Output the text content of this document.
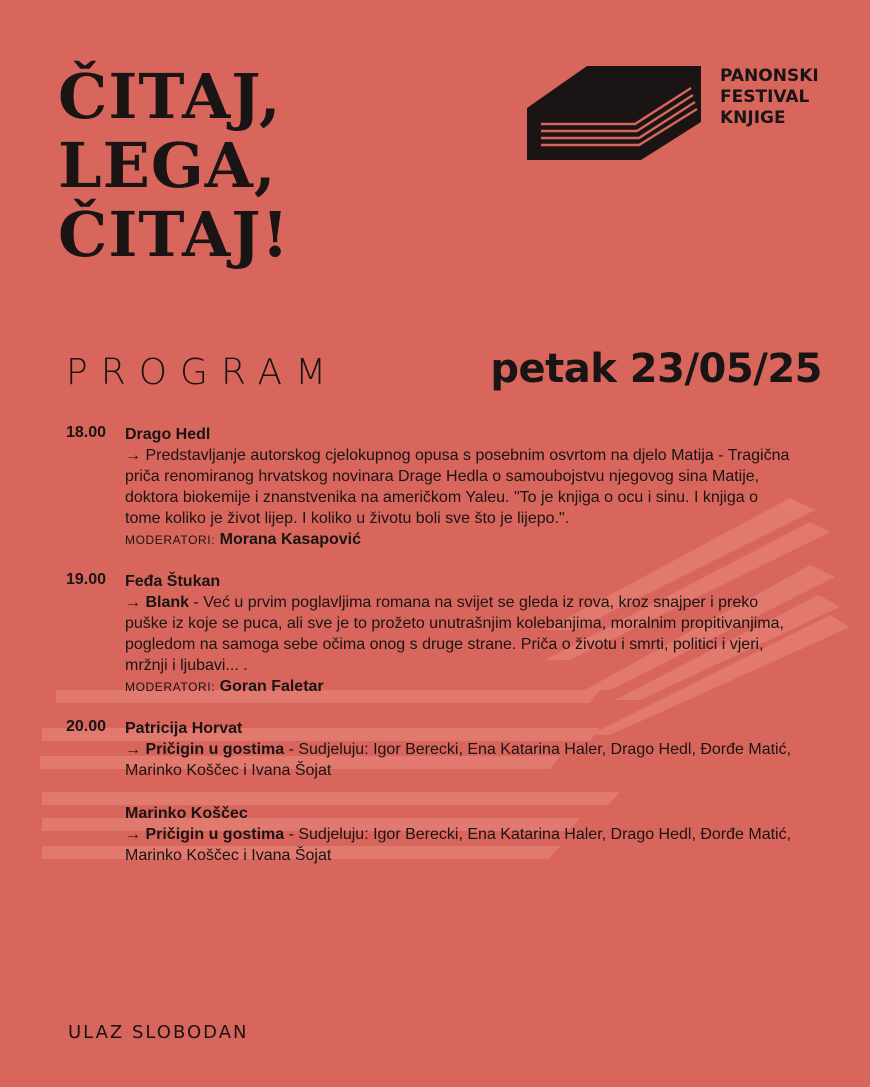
ČITAJ,
LEGA,
ČITAJ!
PANONSKI
FESTIVAL
KNJIGE
PROGRAM	petak 23/05/25
18.00 Drago Hedl
→ Predstavljanje autorskog cjelokupnog opusa s posebnim osvrtom na djelo Matija - Tragična priča renomiranog hrvatskog novinara Drage Hedla o samoubojstvu njegovog sina Matije, doktora biokemije i znanstvenika na američkom Yaleu. "To je knjiga o ocu i sinu. I knjiga o tome koliko je život lijep. I koliko u životu boli sve što je lijepo.".
MODERATORI: Morana Kasapović
19.00 Feđa Štukan
→ Blank - Već u prvim poglavljima romana na svijet se gleda iz rova, kroz snajper i preko puške iz koje se puca, ali sve je to prožeto unutrašnjim kolebanjima, moralnim propitivanjima, pogledom na samoga sebe očima onog s druge strane. Priča o životu i smrti, politici i vjeri, mržnji i ljubavi... .
MODERATORI: Goran Faletar
20.00 Patricija Horvat
→ Pričigin u gostima - Sudjeluju: Igor Berecki, Ena Katarina Haler, Drago Hedl, Đorđe Matić, Marinko Koščec i Ivana Šojat
Marinko Koščec
→ Pričigin u gostima - Sudjeluju: Igor Berecki, Ena Katarina Haler, Drago Hedl, Đorđe Matić, Marinko Koščec i Ivana Šojat
ULAZ SLOBODAN
